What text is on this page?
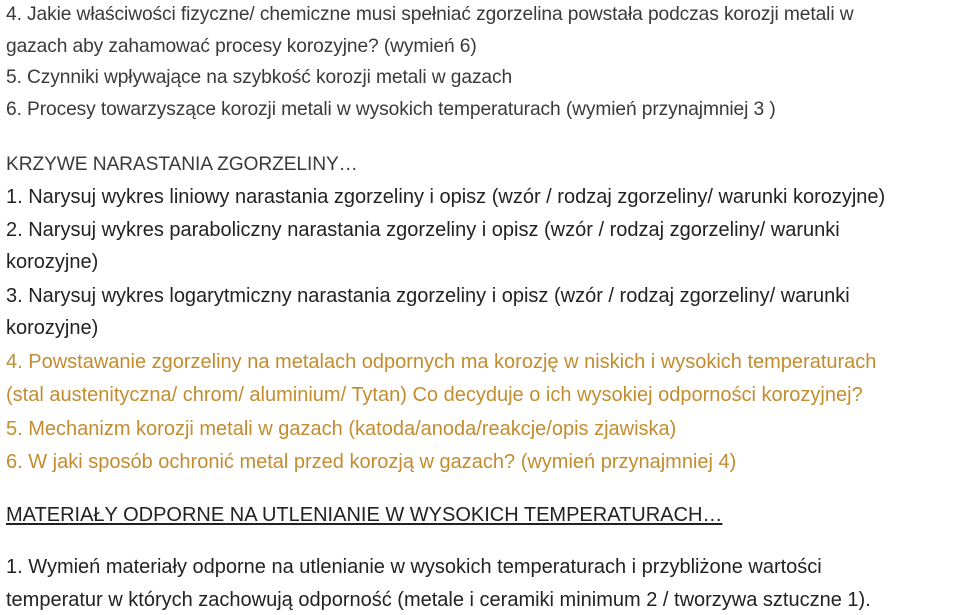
4. Jakie właściwości fizyczne/ chemiczne musi spełniać zgorzelina powstała podczas korozji metali w
gazach aby zahamować procesy korozyjne? (wymień 6)
5. Czynniki wpływające na szybkość korozji metali w gazach
6. Procesy towarzyszące korozji metali w wysokich temperaturach (wymień przynajmniej 3 )
KRZYWE NARASTANIA ZGORZELINY…
1. Narysuj wykres liniowy narastania zgorzeliny i opisz (wzór / rodzaj zgorzeliny/ warunki korozyjne)
2. Narysuj wykres paraboliczny narastania zgorzeliny i opisz (wzór / rodzaj zgorzeliny/ warunki
korozyjne)
3. Narysuj wykres logarytmiczny narastania zgorzeliny i opisz (wzór / rodzaj zgorzeliny/ warunki
korozyjne)
4. Powstawanie zgorzeliny na metalach odpornych ma korozję w niskich i wysokich temperaturach
(stal austenityczna/ chrom/ aluminium/ Tytan) Co decyduje o ich wysokiej odporności korozyjnej?
5. Mechanizm korozji metali w gazach (katoda/anoda/reakcje/opis zjawiska)
6. W jaki sposób ochronić metal przed korozją w gazach? (wymień przynajmniej 4)
MATERIAŁY ODPORNE NA UTLENIANIE W WYSOKICH TEMPERATURACH…
1. Wymień materiały odporne na utlenianie w wysokich temperaturach i przybliżone wartości
temperatur w których zachowują odporność (metale i ceramiki minimum 2 / tworzywa sztuczne 1).
